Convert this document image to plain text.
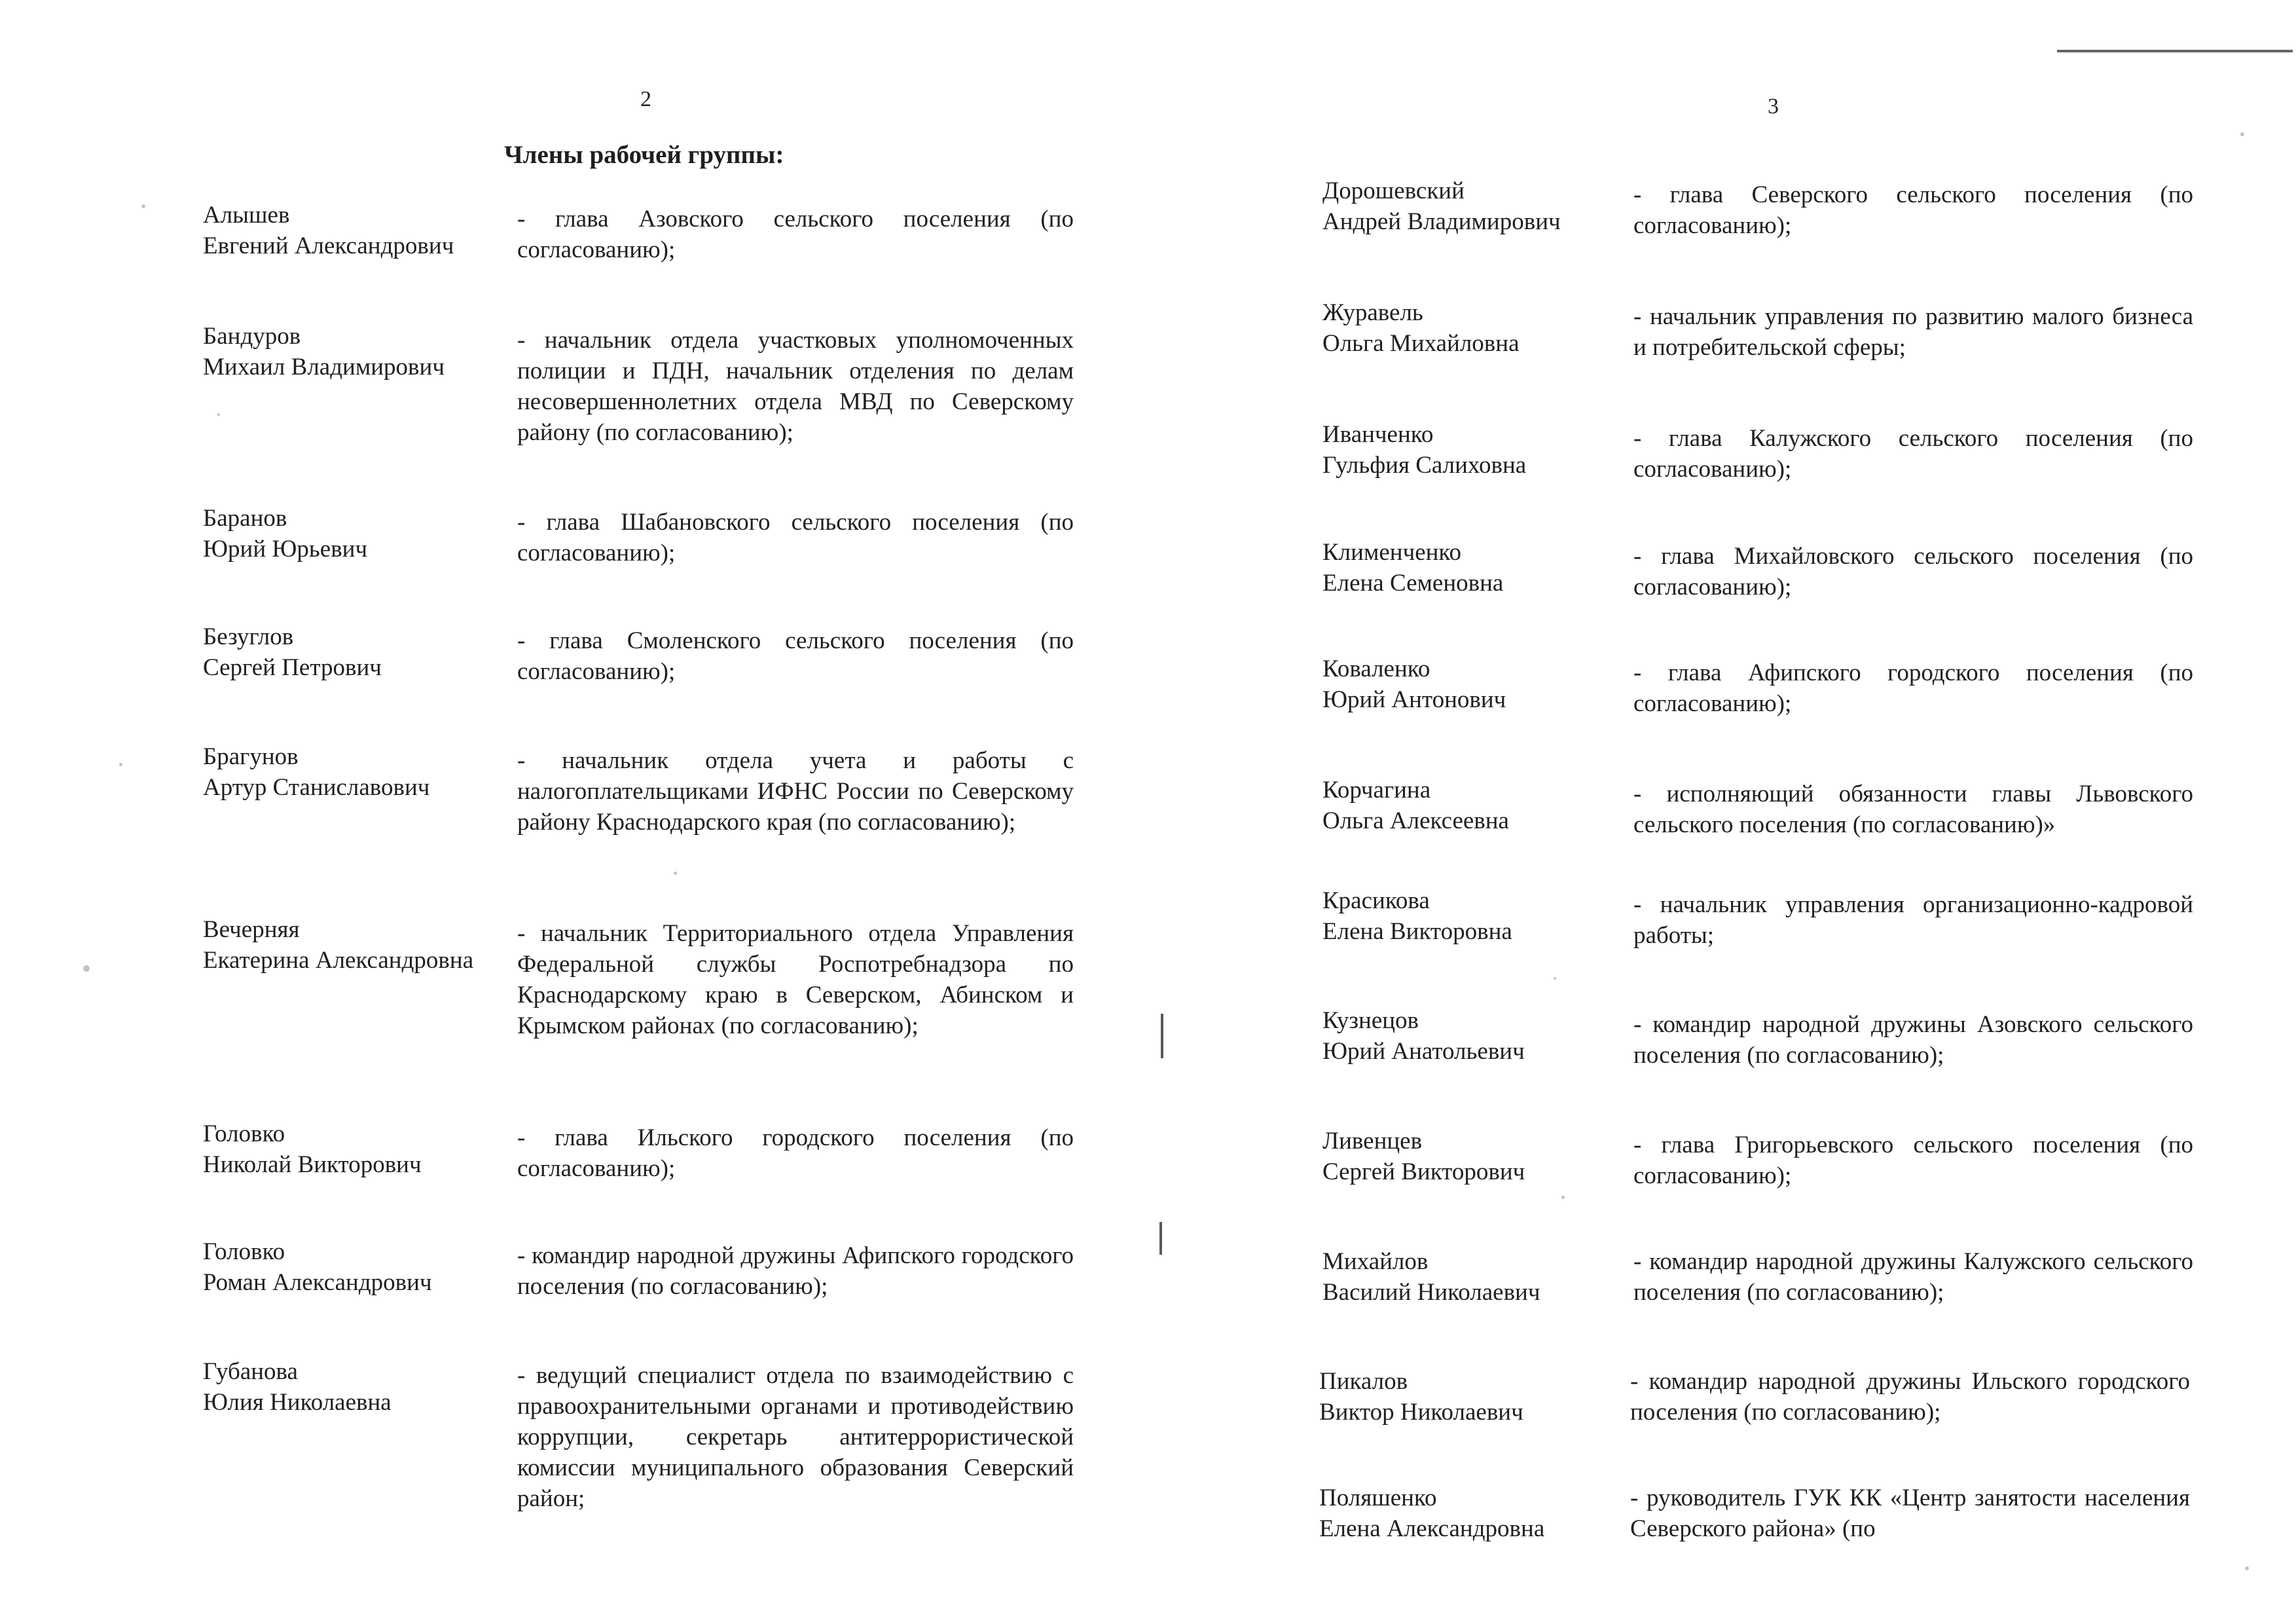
2
Члены рабочей группы:
Алышев
Евгений Александрович
- глава Азовского сельского поселения (по согласованию);
Бандуров
Михаил Владимирович
- начальник отдела участковых уполномоченных полиции и ПДН, начальник отделения по делам несовершеннолетних отдела МВД по Северскому району (по согласованию);
Баранов
Юрий Юрьевич
- глава Шабановского сельского поселения (по согласованию);
Безуглов
Сергей Петрович
- глава Смоленского сельского поселения (по согласованию);
Брагунов
Артур Станиславович
- начальник отдела учета и работы с налогоплательщиками ИФНС России по Северскому району Краснодарского края (по согласованию);
Вечерняя
Екатерина Александровна
- начальник Территориального отдела Управления Федеральной службы Роспотребнадзора по Краснодарскому краю в Северском, Абинском и Крымском районах (по согласованию);
Головко
Николай Викторович
- глава Ильского городского поселения (по согласованию);
Головко
Роман Александрович
- командир народной дружины Афипского городского поселения (по согласованию);
Губанова
Юлия Николаевна
- ведущий специалист отдела по взаимодействию с правоохранительными органами и противодействию коррупции, секретарь антитеррористической комиссии муниципального образования Северский район;
3
Дорошевский
Андрей Владимирович
- глава Северского сельского поселения (по согласованию);
Журавель
Ольга Михайловна
- начальник управления по развитию малого бизнеса и потребительской сферы;
Иванченко
Гульфия Салиховна
- глава Калужского сельского поселения (по согласованию);
Клименченко
Елена Семеновна
- глава Михайловского сельского поселения (по согласованию);
Коваленко
Юрий Антонович
- глава Афипского городского поселения (по согласованию);
Корчагина
Ольга Алексеевна
- исполняющий обязанности главы Львовского сельского поселения (по согласованию)»
Красикова
Елена Викторовна
- начальник управления организационно-кадровой работы;
Кузнецов
Юрий Анатольевич
- командир народной дружины Азовского сельского поселения (по согласованию);
Ливенцев
Сергей Викторович
- глава Григорьевского сельского поселения (по согласованию);
Михайлов
Василий Николаевич
- командир народной дружины Калужского сельского поселения (по согласованию);
Пикалов
Виктор Николаевич
- командир народной дружины Ильского городского поселения (по согласованию);
Поляшенко
Елена Александровна
- руководитель ГУК КК «Центр занятости населения Северского района» (по
